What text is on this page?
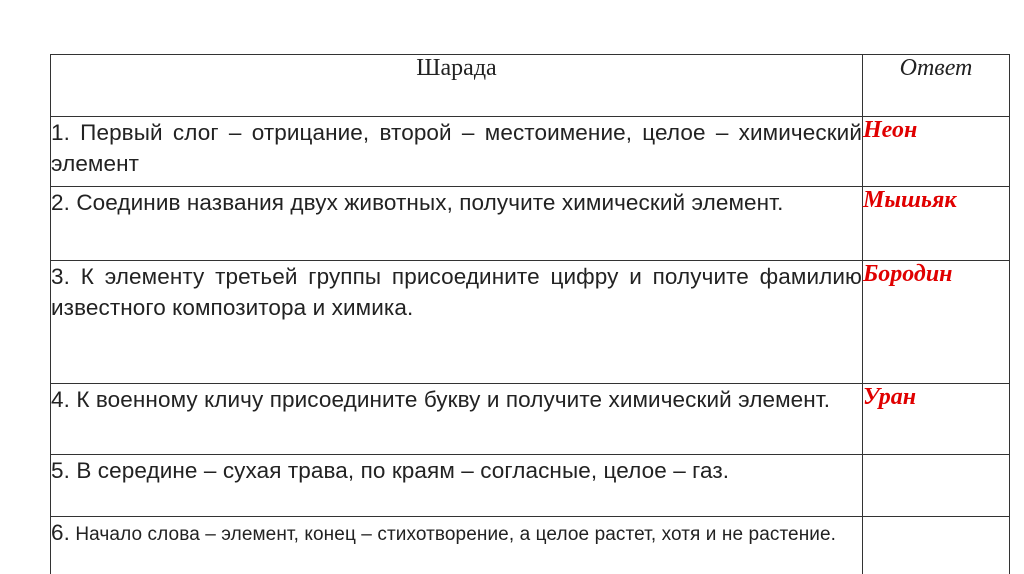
Шарада	Ответ
1. Первый слог – отрицание, второй – местоимение, целое – химический элемент	Неон
2. Соединив названия двух животных, получите химический элемент.	Мышьяк
3. К элементу третьей группы присоедините цифру и получите фамилию известного композитора и химика.	Бородин
4. К военному кличу присоедините букву и получите химический элемент.	Уран
5. В середине – сухая трава, по краям – согласные, целое – газ.	
6. Начало слова – элемент, конец – стихотворение, а целое растет, хотя и не растение.	
